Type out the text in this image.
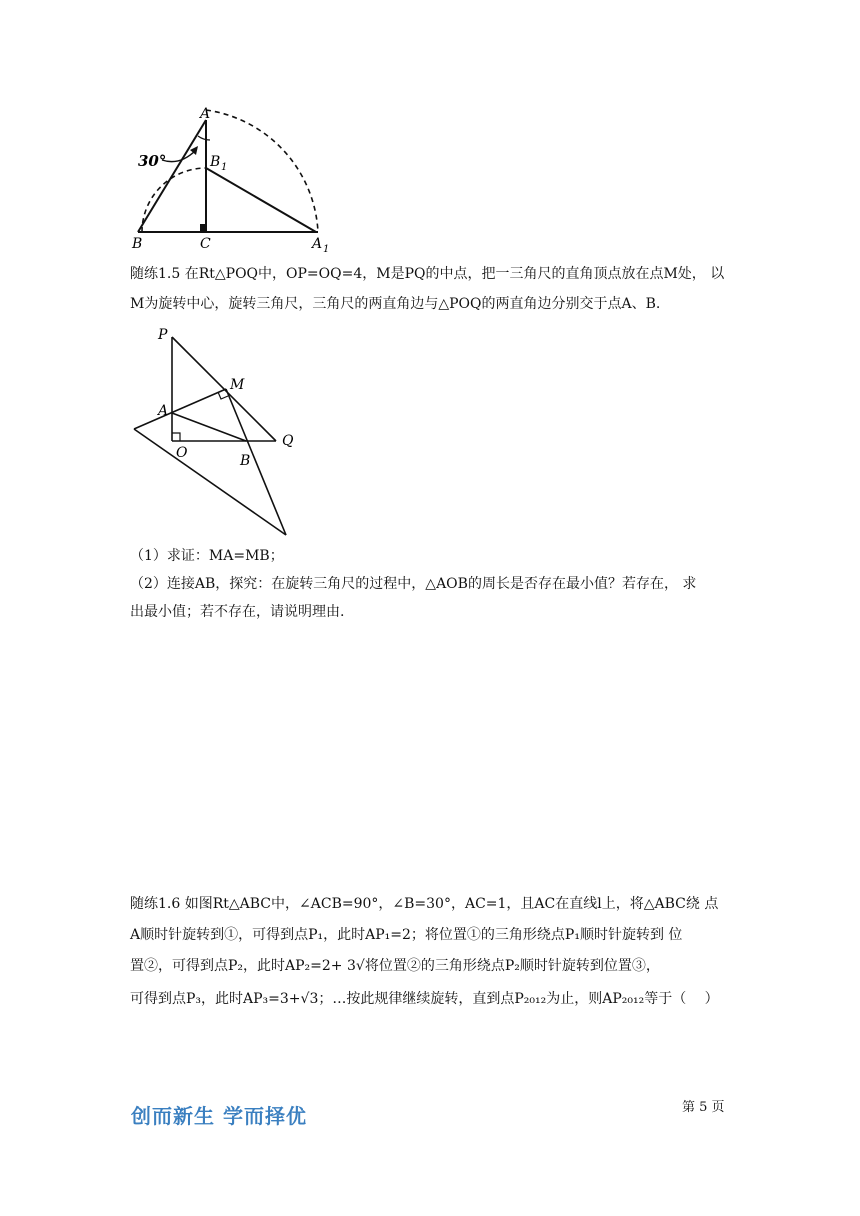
A
B 1
B	C	A 1
30°
随练1.5 在Rt△POQ中，OP=OQ=4，M是PQ的中点，把一三角尺的直角顶点放在点M处， 以
M为旋转中心，旋转三角尺，三角尺的两直角边与△POQ的两直角边分别交于点A、B.
P
M
A
O	B
Q
（1）求证：MA=MB；
（2）连接AB，探究：在旋转三角尺的过程中，△AOB的周长是否存在最小值？若存在， 求
出最小值；若不存在，请说明理由.
随练1.6 如图Rt△ABC中，∠ACB=90°，∠B=30°，AC=1，且AC在直线l上，将△ABC绕 点
A顺时针旋转到①，可得到点P₁，此时AP₁=2；将位置①的三角形绕点P₁顺时针旋转到 位
置②，可得到点P₂，此时AP₂=2+ 3√将位置②的三角形绕点P₂顺时针旋转到位置③，
可得到点P₃，此时AP₃=3+√3；…按此规律继续旋转，直到点P₂₀₁₂为止，则AP₂₀₁₂等于（　 ）
第 5 页
创而新生 学而择优
